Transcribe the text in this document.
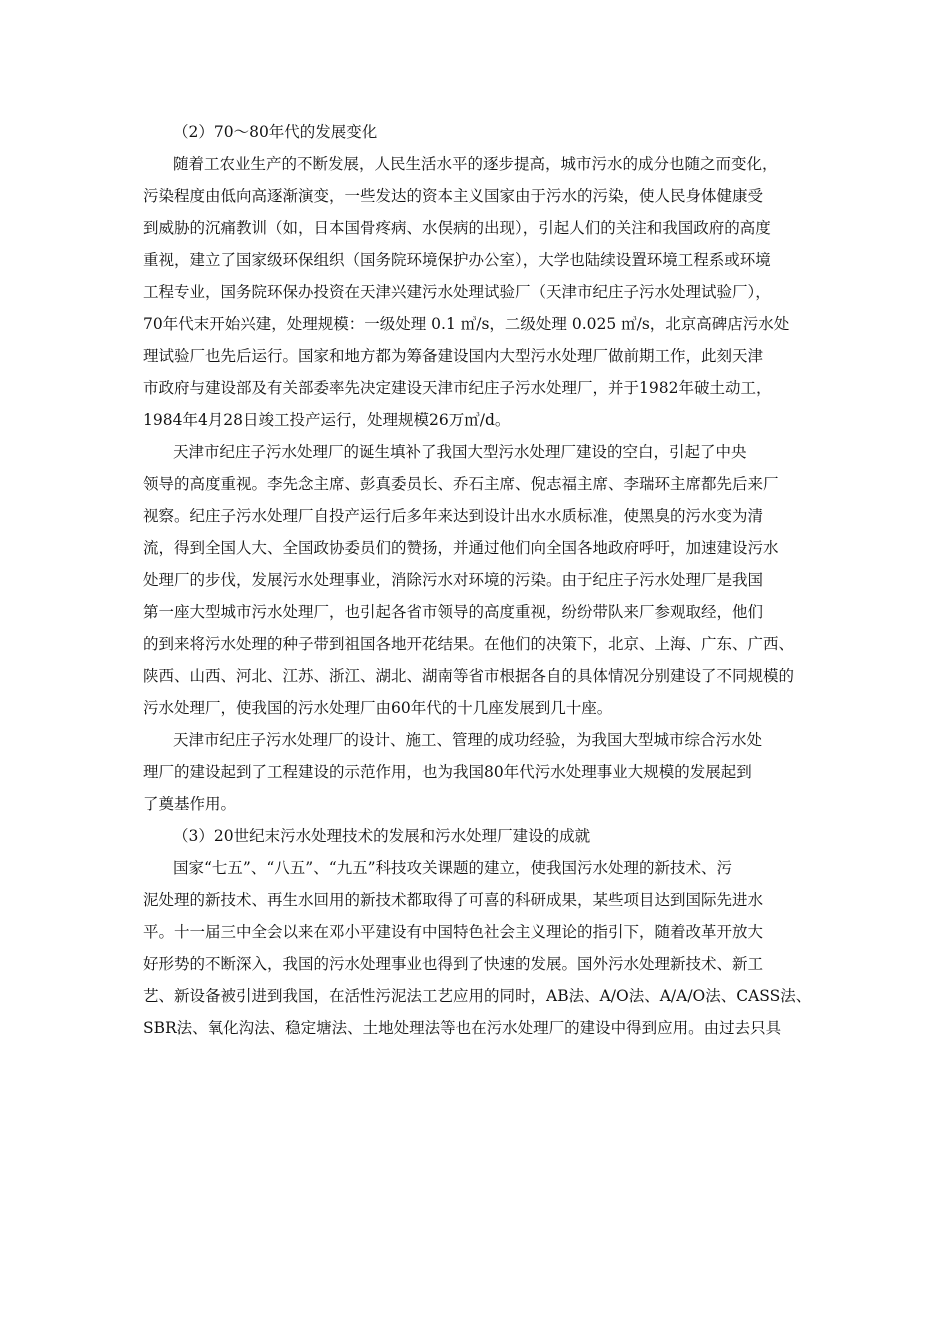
（2）70～80年代的发展变化
随着工农业生产的不断发展，人民生活水平的逐步提高，城市污水的成分也随之而变化，
污染程度由低向高逐渐演变，一些发达的资本主义国家由于污水的污染，使人民身体健康受
到威胁的沉痛教训（如，日本国骨疼病、水俣病的出现），引起人们的关注和我国政府的高度
重视，建立了国家级环保组织（国务院环境保护办公室），大学也陆续设置环境工程系或环境
工程专业，国务院环保办投资在天津兴建污水处理试验厂（天津市纪庄子污水处理试验厂），
70年代末开始兴建，处理规模：一级处理 0.1 ㎥/s，二级处理 0.025 ㎥/s，北京高碑店污水处
理试验厂也先后运行。国家和地方都为筹备建设国内大型污水处理厂做前期工作，此刻天津
市政府与建设部及有关部委率先决定建设天津市纪庄子污水处理厂，并于1982年破土动工，
1984年4月28日竣工投产运行，处理规模26万㎥/d。
天津市纪庄子污水处理厂的诞生填补了我国大型污水处理厂建设的空白，引起了中央
领导的高度重视。李先念主席、彭真委员长、乔石主席、倪志福主席、李瑞环主席都先后来厂
视察。纪庄子污水处理厂自投产运行后多年来达到设计出水水质标准，使黑臭的污水变为清
流，得到全国人大、全国政协委员们的赞扬，并通过他们向全国各地政府呼吁，加速建设污水
处理厂的步伐，发展污水处理事业，消除污水对环境的污染。由于纪庄子污水处理厂是我国
第一座大型城市污水处理厂，也引起各省市领导的高度重视，纷纷带队来厂参观取经，他们
的到来将污水处理的种子带到祖国各地开花结果。在他们的决策下，北京、上海、广东、广西、
陕西、山西、河北、江苏、浙江、湖北、湖南等省市根据各自的具体情况分别建设了不同规模的
污水处理厂，使我国的污水处理厂由60年代的十几座发展到几十座。
天津市纪庄子污水处理厂的设计、施工、管理的成功经验，为我国大型城市综合污水处
理厂的建设起到了工程建设的示范作用，也为我国80年代污水处理事业大规模的发展起到
了奠基作用。
（3）20世纪末污水处理技术的发展和污水处理厂建设的成就
国家“七五”、“八五”、“九五”科技攻关课题的建立，使我国污水处理的新技术、污
泥处理的新技术、再生水回用的新技术都取得了可喜的科研成果，某些项目达到国际先进水
平。十一届三中全会以来在邓小平建设有中国特色社会主义理论的指引下，随着改革开放大
好形势的不断深入，我国的污水处理事业也得到了快速的发展。国外污水处理新技术、新工
艺、新设备被引进到我国，在活性污泥法工艺应用的同时，AB法、A/O法、A/A/O法、CASS法、
SBR法、氧化沟法、稳定塘法、土地处理法等也在污水处理厂的建设中得到应用。由过去只具
